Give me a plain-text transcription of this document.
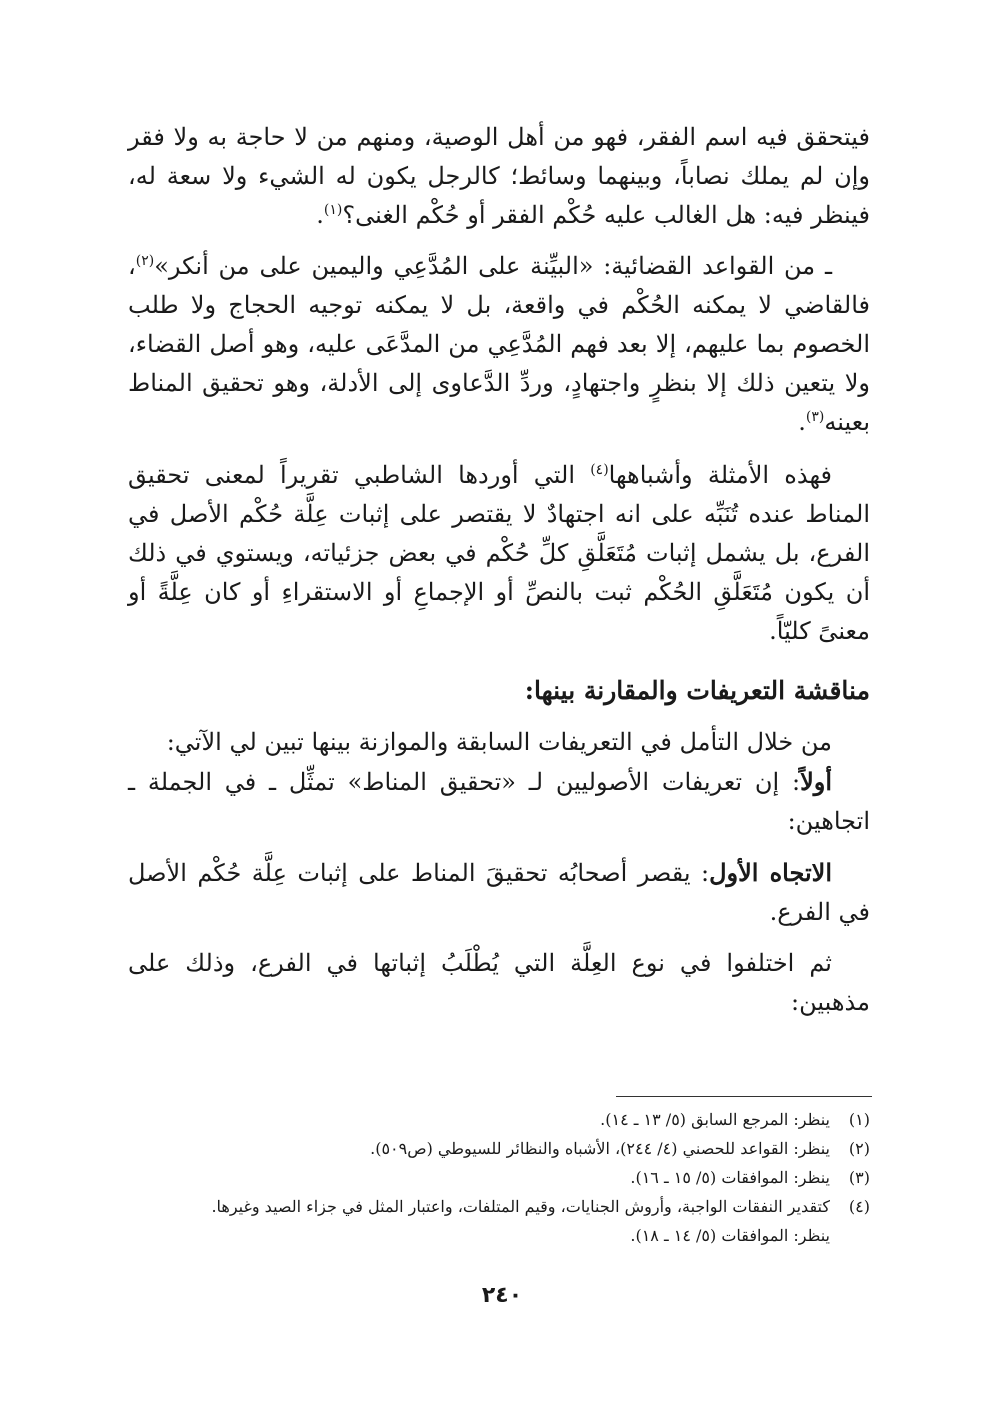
فيتحقق فيه اسم الفقر، فهو من أهل الوصية، ومنهم من لا حاجة به ولا فقر وإن لم يملك نصاباً، وبينهما وسائط؛ كالرجل يكون له الشيء ولا سعة له، فينظر فيه: هل الغالب عليه حُكْم الفقر أو حُكْم الغنى؟$^{(١)}$.

ـ من القواعد القضائية: «البيِّنة على المُدَّعِي واليمين على من أنكر»$^{(٢)}$، فالقاضي لا يمكنه الحُكْم في واقعة، بل لا يمكنه توجيه الحجاج ولا طلب الخصوم بما عليهم، إلا بعد فهم المُدَّعِي من المدَّعَى عليه، وهو أصل القضاء، ولا يتعين ذلك إلا بنظرٍ واجتهادٍ، وردِّ الدَّعاوى إلى الأدلة، وهو تحقيق المناط بعينه$^{(٣)}$.

فهذه الأمثلة وأشباهها$^{(٤)}$ التي أوردها الشاطبي تقريراً لمعنى تحقيق المناط عنده تُنَبِّه على انه اجتهادٌ لا يقتصر على إثبات عِلَّة حُكْم الأصل في الفرع، بل يشمل إثبات مُتَعَلَّقِ كلِّ حُكْم في بعض جزئياته، ويستوي في ذلك أن يكون مُتَعَلَّقِ الحُكْم ثبت بالنصِّ أو الإجماعِ أو الاستقراءِ أو كان عِلَّةً أو معنىً كليّاً.

مناقشة التعريفات والمقارنة بينها:

من خلال التأمل في التعريفات السابقة والموازنة بينها تبين لي الآتي:

أولاً: إن تعريفات الأصوليين لـ «تحقيق المناط» تمثِّل ـ في الجملة ـ اتجاهين:

الاتجاه الأول: يقصر أصحابُه تحقيقَ المناط على إثبات عِلَّة حُكْم الأصل في الفرع.

ثم اختلفوا في نوع العِلَّة التي يُطْلَبُ إثباتها في الفرع، وذلك على مذهبين:

(١)
ينظر: المرجع السابق (٥/ ١٣ ـ ١٤).
(٢)
ينظر: القواعد للحصني (٤/ ٢٤٤)، الأشباه والنظائر للسيوطي (ص٥٠٩).
(٣)
ينظر: الموافقات (٥/ ١٥ ـ ١٦).
(٤)
كتقدير النفقات الواجبة، وأروش الجنايات، وقيم المتلفات، واعتبار المثل في جزاء الصيد وغيرها.
ينظر: الموافقات (٥/ ١٤ ـ ١٨).
٢٤٠
